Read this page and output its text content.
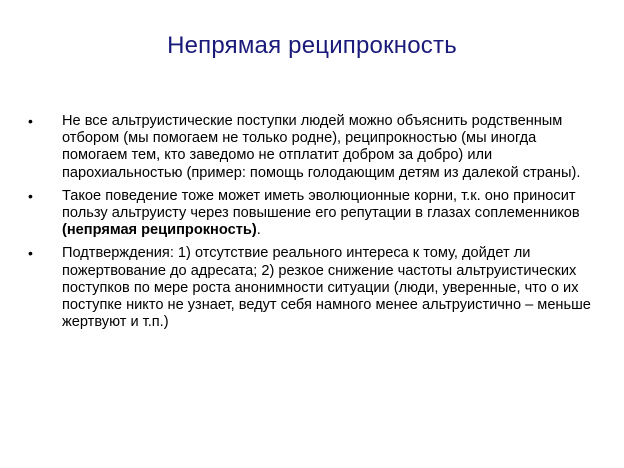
Непрямая реципрокность
• Не все альтруистические поступки людей можно объяснить родственным отбором (мы помогаем не только родне), реципрокностью (мы иногда помогаем тем, кто заведомо не отплатит добром за добро) или парохиальностью (пример: помощь голодающим детям из далекой страны).
• Такое поведение тоже может иметь эволюционные корни, т.к. оно приносит пользу альтруисту через повышение его репутации в глазах соплеменников (непрямая реципрокность).
• Подтверждения: 1) отсутствие реального интереса к тому, дойдет ли пожертвование до адресата; 2) резкое снижение частоты альтруистических поступков по мере роста анонимности ситуации (люди, уверенные, что о их поступке никто не узнает, ведут себя намного менее альтруистично – меньше жертвуют и т.п.)
